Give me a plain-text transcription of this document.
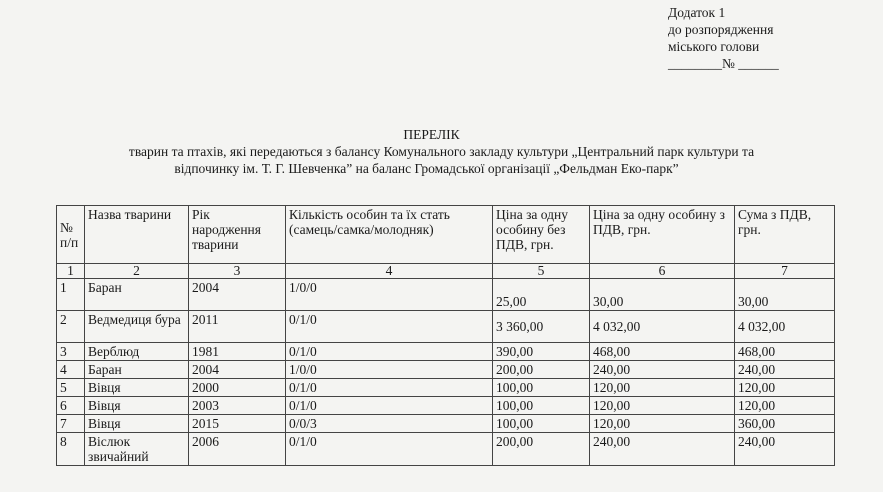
Додаток 1
до розпорядження
міського голови
________№ ______
ПЕРЕЛІК
тварин та птахів, які передаються з балансу Комунального закладу культури „Центральний парк культури та
відпочинку ім. Т. Г. Шевченка” на баланс Громадської організації „Фельдман Еко-парк”
№ п/п	Назва тварини	Рік народження тварини	Кількість особин та їх стать (самець/самка/молодняк)	Ціна за одну особину без ПДВ, грн.	Ціна за одну особину з ПДВ, грн.	Сума з ПДВ, грн.
1	2	3	4	5	6	7
1	Баран	2004	1/0/0	25,00	30,00	30,00
2	Ведмедиця бура	2011	0/1/0	3 360,00	4 032,00	4 032,00
3	Верблюд	1981	0/1/0	390,00	468,00	468,00
4	Баран	2004	1/0/0	200,00	240,00	240,00
5	Вівця	2000	0/1/0	100,00	120,00	120,00
6	Вівця	2003	0/1/0	100,00	120,00	120,00
7	Вівця	2015	0/0/3	100,00	120,00	360,00
8	Віслюк звичайний	2006	0/1/0	200,00	240,00	240,00
